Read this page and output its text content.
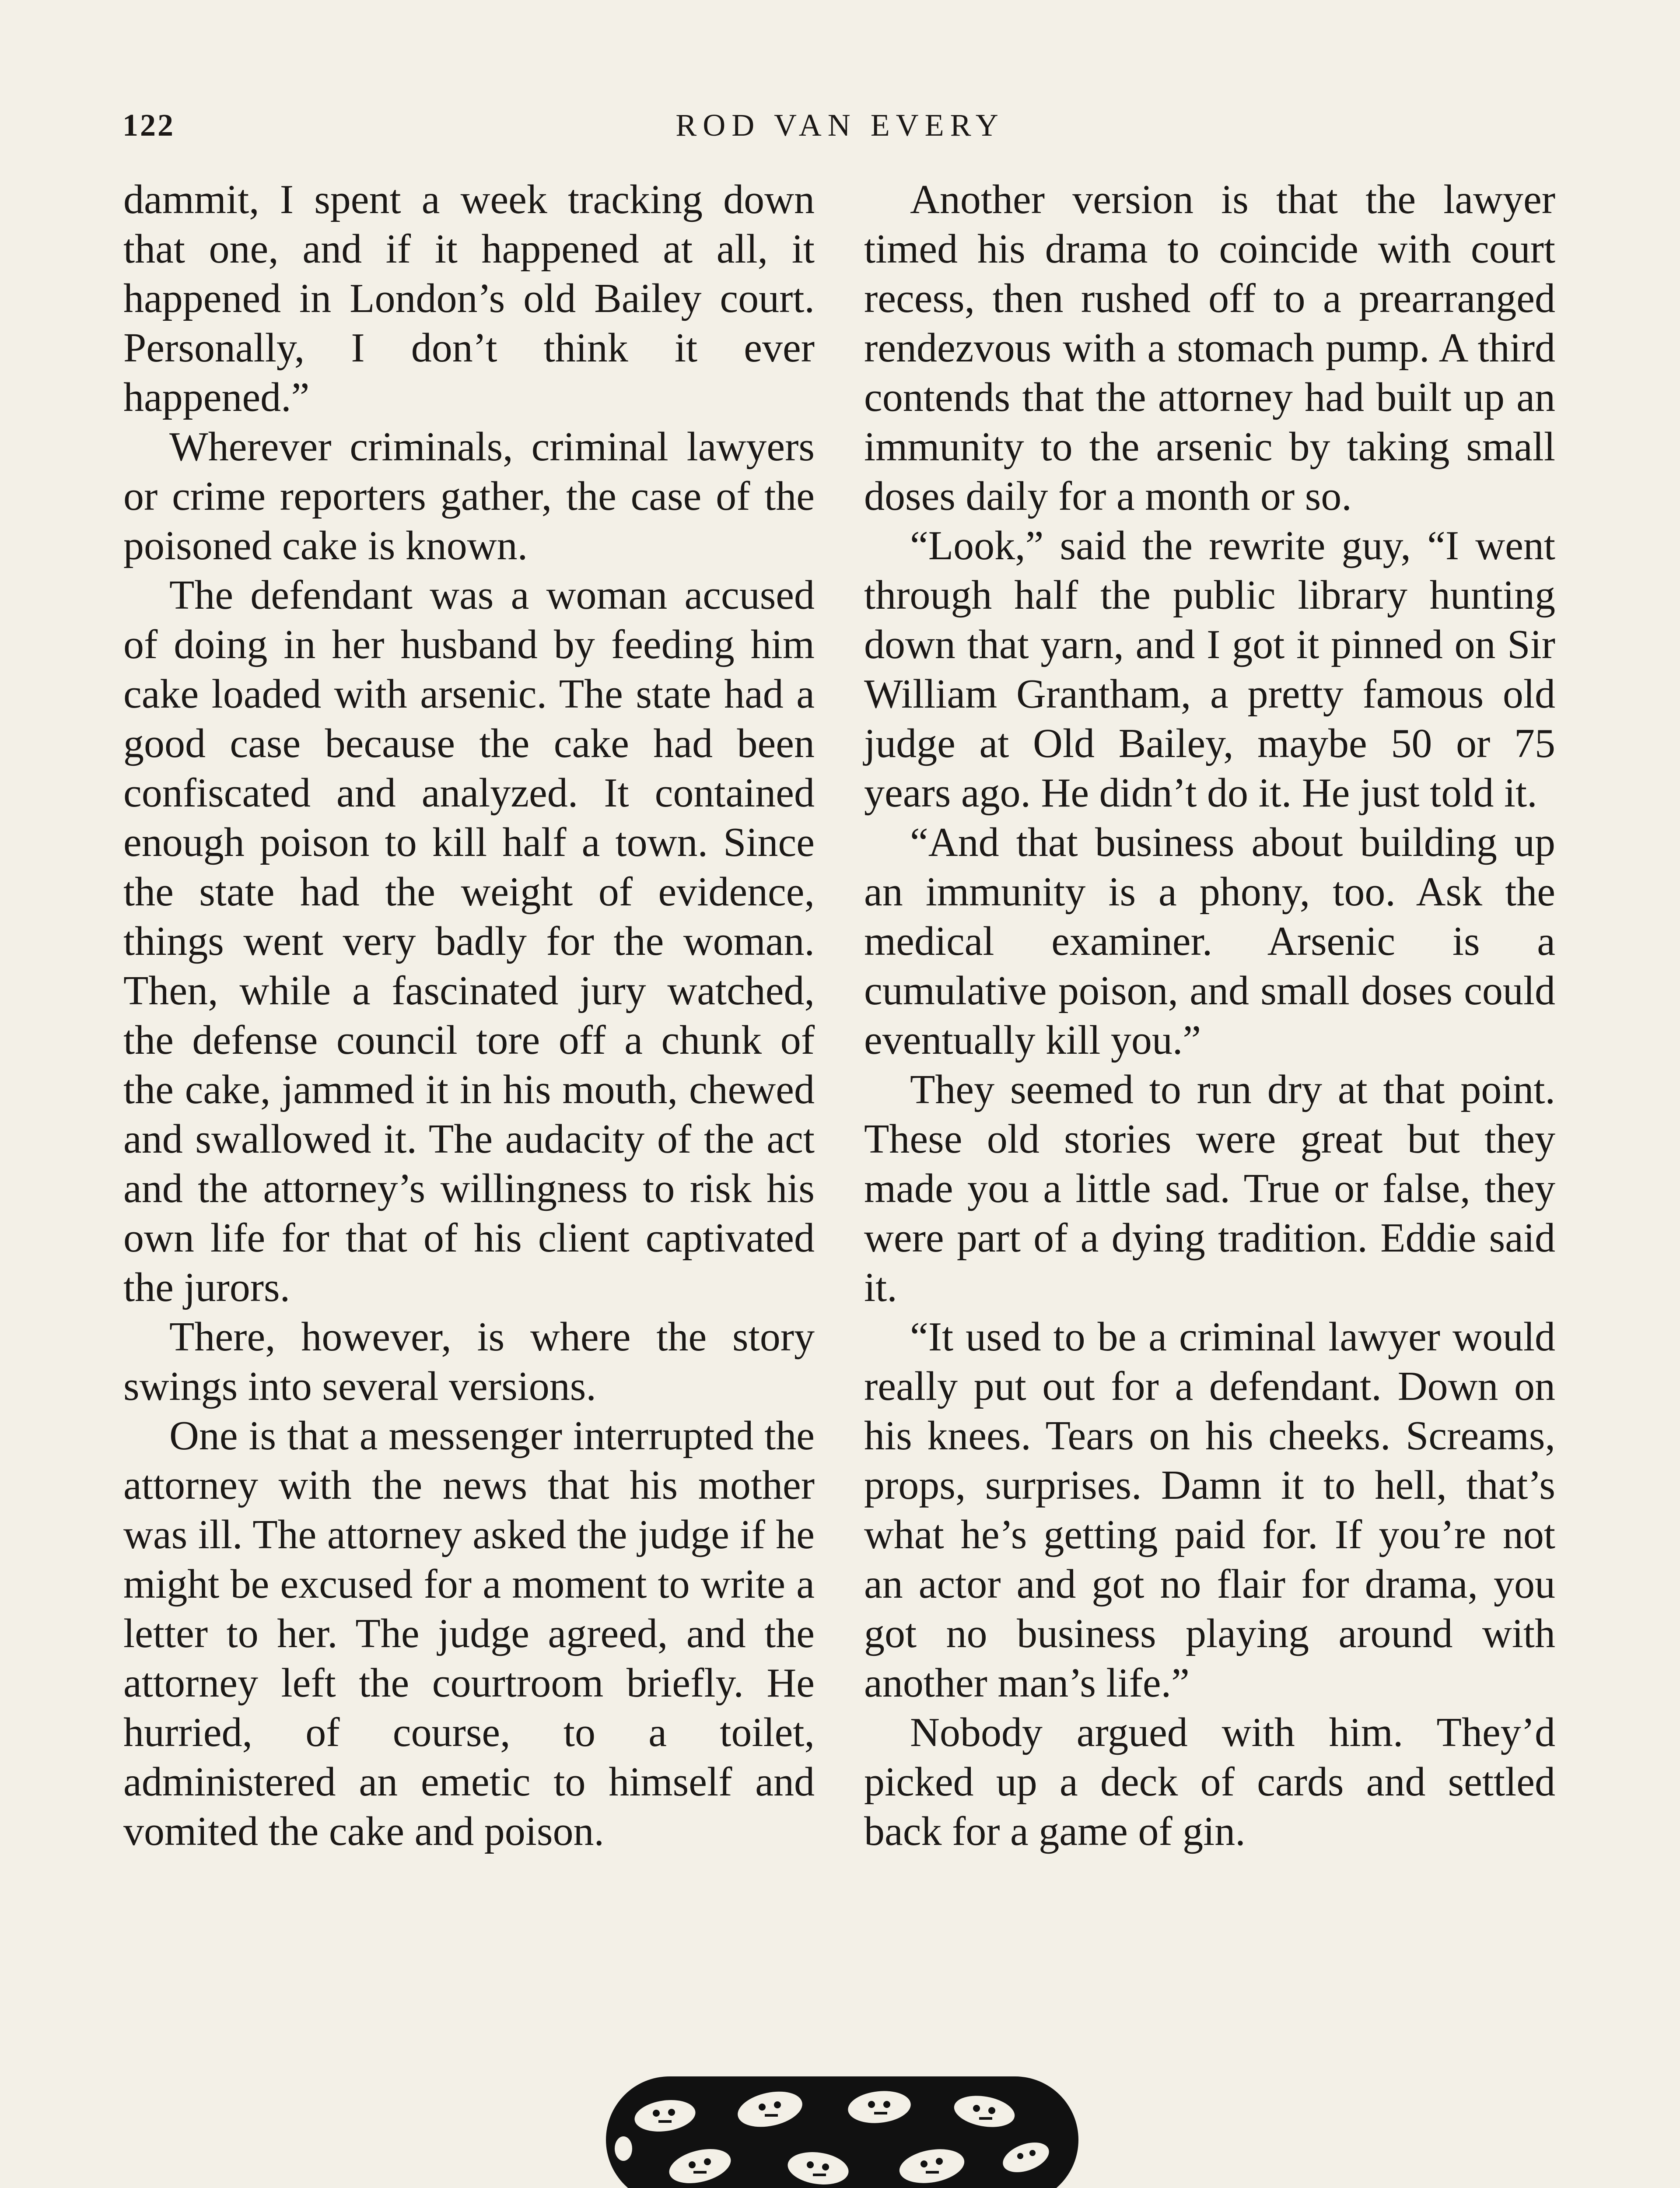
122	ROD VAN EVERY

dammit, I spent a week tracking down that one, and if it happened at all, it happened in London’s old Bailey court. Personally, I don’t think it ever happened.”

Wherever criminals, criminal lawyers or crime reporters gather, the case of the poisoned cake is known.

The defendant was a woman accused of doing in her husband by feeding him cake loaded with arsenic. The state had a good case because the cake had been confiscated and analyzed. It contained enough poison to kill half a town. Since the state had the weight of evidence, things went very badly for the woman. Then, while a fascinated jury watched, the defense council tore off a chunk of the cake, jammed it in his mouth, chewed and swallowed it. The audacity of the act and the attorney’s willingness to risk his own life for that of his client captivated the jurors.

There, however, is where the story swings into several versions.

One is that a messenger interrupted the attorney with the news that his mother was ill. The attorney asked the judge if he might be excused for a moment to write a letter to her. The judge agreed, and the attorney left the courtroom briefly. He hurried, of course, to a toilet, administered an emetic to himself and vomited the cake and poison.

Another version is that the lawyer timed his drama to coincide with court recess, then rushed off to a prearranged rendezvous with a stomach pump. A third contends that the attorney had built up an immunity to the arsenic by taking small doses daily for a month or so.

“Look,” said the rewrite guy, “I went through half the public library hunting down that yarn, and I got it pinned on Sir William Grantham, a pretty famous old judge at Old Bailey, maybe 50 or 75 years ago. He didn’t do it. He just told it.

“And that business about building up an immunity is a phony, too. Ask the medical examiner. Arsenic is a cumulative poison, and small doses could eventually kill you.”

They seemed to run dry at that point. These old stories were great but they made you a little sad. True or false, they were part of a dying tradition. Eddie said it.

“It used to be a criminal lawyer would really put out for a defendant. Down on his knees. Tears on his cheeks. Screams, props, surprises. Damn it to hell, that’s what he’s getting paid for. If you’re not an actor and got no flair for drama, you got no business playing around with another man’s life.”

Nobody argued with him. They’d picked up a deck of cards and settled back for a game of gin.
